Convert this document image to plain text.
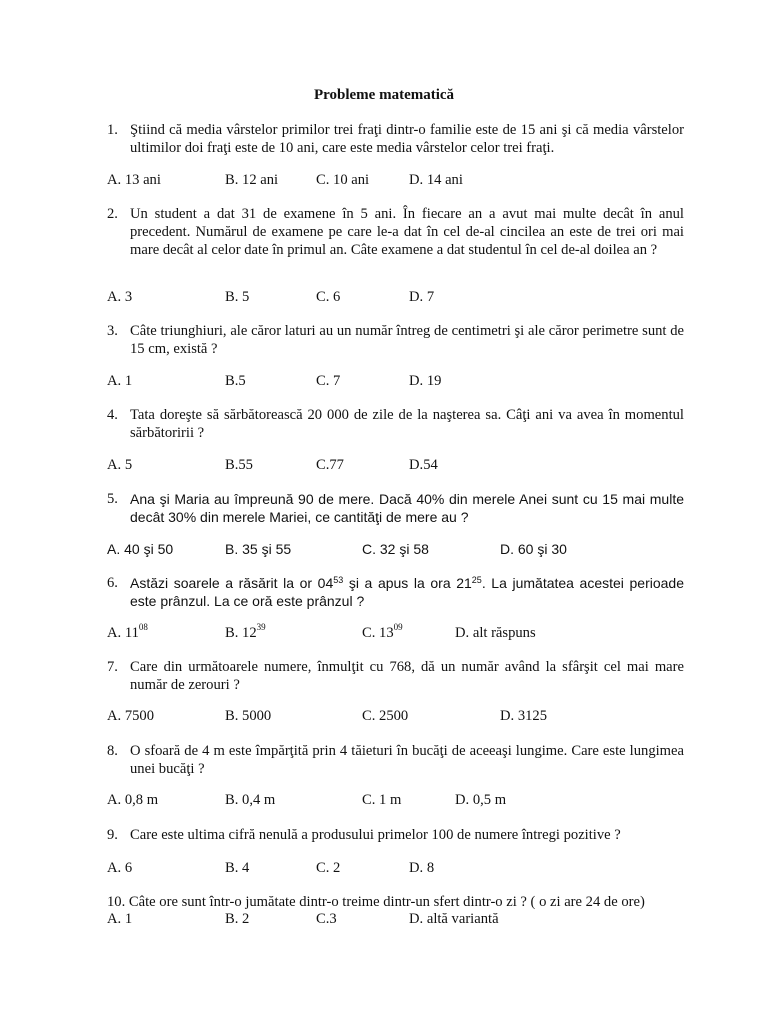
Probleme matematică
1. Ştiind că media vârstelor primilor trei fraţi dintr-o familie este de 15 ani şi că media vârstelor ultimilor doi fraţi este de 10 ani, care este media vârstelor celor trei fraţi.
A. 13 ani	B. 12 ani	C. 10 ani	D. 14 ani
2. Un student a dat 31 de examene în 5 ani. În fiecare an a avut mai multe decât în anul precedent. Numărul de examene pe care le-a dat în cel de-al cincilea an este de trei ori mai mare decât al celor date în primul an. Câte examene a dat studentul în cel de-al doilea an ?
A. 3	B. 5	C. 6	D. 7
3. Câte triunghiuri, ale căror laturi au un număr întreg de centimetri şi ale căror perimetre sunt de 15 cm, există ?
A. 1	B.5	C. 7	D. 19
4. Tata doreşte să sărbătorească 20 000 de zile de la naşterea sa. Câţi ani va avea în momentul sărbătoririi ?
A. 5	B.55	C.77	D.54
5. Ana şi Maria au împreună 90 de mere. Dacă 40% din merele Anei sunt cu 15 mai multe decât 30% din merele Mariei, ce cantităţi de mere au ?
A. 40 şi 50	B. 35 şi 55	C. 32 şi 58	D. 60 şi 30
6. Astăzi soarele a răsărit la or $04^{53}$ şi a apus la ora $21^{25}$. La jumătatea acestei perioade este prânzul. La ce oră este prânzul ?
A. $11^{08}$	B. $12^{39}$	C. $13^{09}$	D. alt răspuns
7. Care din următoarele numere, înmulţit cu 768, dă un număr având la sfârşit cel mai mare număr de zerouri ?
A. 7500	B. 5000	C. 2500	D. 3125
8. O sfoară de 4 m este împărţită prin 4 tăieturi în bucăţi de aceeaşi lungime. Care este lungimea unei bucăţi ?
A. 0,8 m	B. 0,4 m	C. 1 m	D. 0,5 m
9. Care este ultima cifră nenulă a produsului primelor 100 de numere întregi pozitive ?
A. 6	B. 4	C. 2	D. 8
10. Câte ore sunt într-o jumătate dintr-o treime dintr-un sfert dintr-o zi ? ( o zi are 24 de ore)
A. 1	B. 2	C.3	D. altă variantă
